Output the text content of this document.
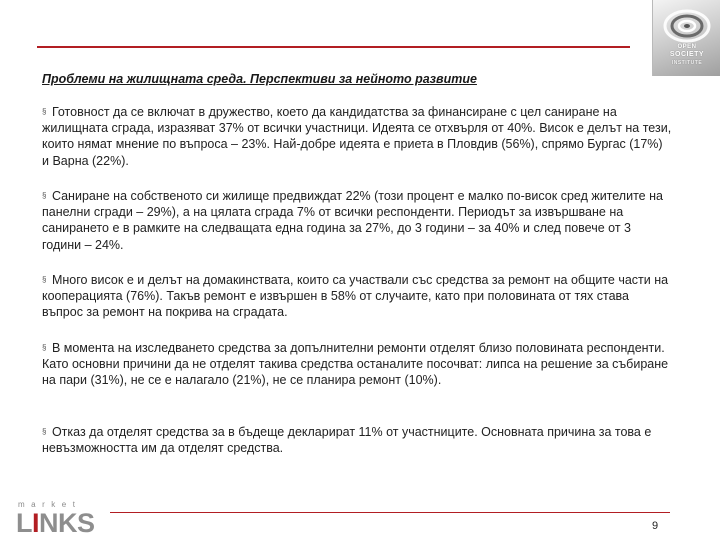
OPEN
SOCIETY
INSTITUTE
Проблеми на жилищната среда. Перспективи за нейното развитие
§ Готовност да се включат в дружество, което да кандидатства за финансиране с цел саниране на жилищната сграда, изразяват 37% от всички участници. Идеята се отхвърля от 40%. Висок е делът на тези, които нямат мнение по въпроса – 23%. Най-добре идеята е приета в Пловдив (56%), спрямо Бургас (17%) и Варна (22%).
§ Саниране на собственото си жилище предвиждат 22% (този процент е малко по-висок сред жителите на панелни сгради – 29%), а на цялата сграда 7% от всички респонденти. Периодът за извършване на санирането е в рамките на следващата една година за 27%, до 3 години – за 40% и след повече от 3 години – 24%.
§ Много висок е и делът на домакинствата, които са участвали със средства за ремонт на общите части на кооперацията (76%). Такъв ремонт е извършен в 58% от случаите, като при половината от тях става въпрос за ремонт на покрива на сградата.
§ В момента на изследването средства за допълнителни ремонти отделят близо половината респонденти. Като основни причини да не отделят такива средства останалите посочват: липса на решение за събиране на пари (31%), не се е налагало (21%), не се планира ремонт (10%).
§ Отказ да отделят средства за в бъдеще декларират 11% от участниците. Основната причина за това е невъзможността им да отделят средства.
market
LINKS	9
